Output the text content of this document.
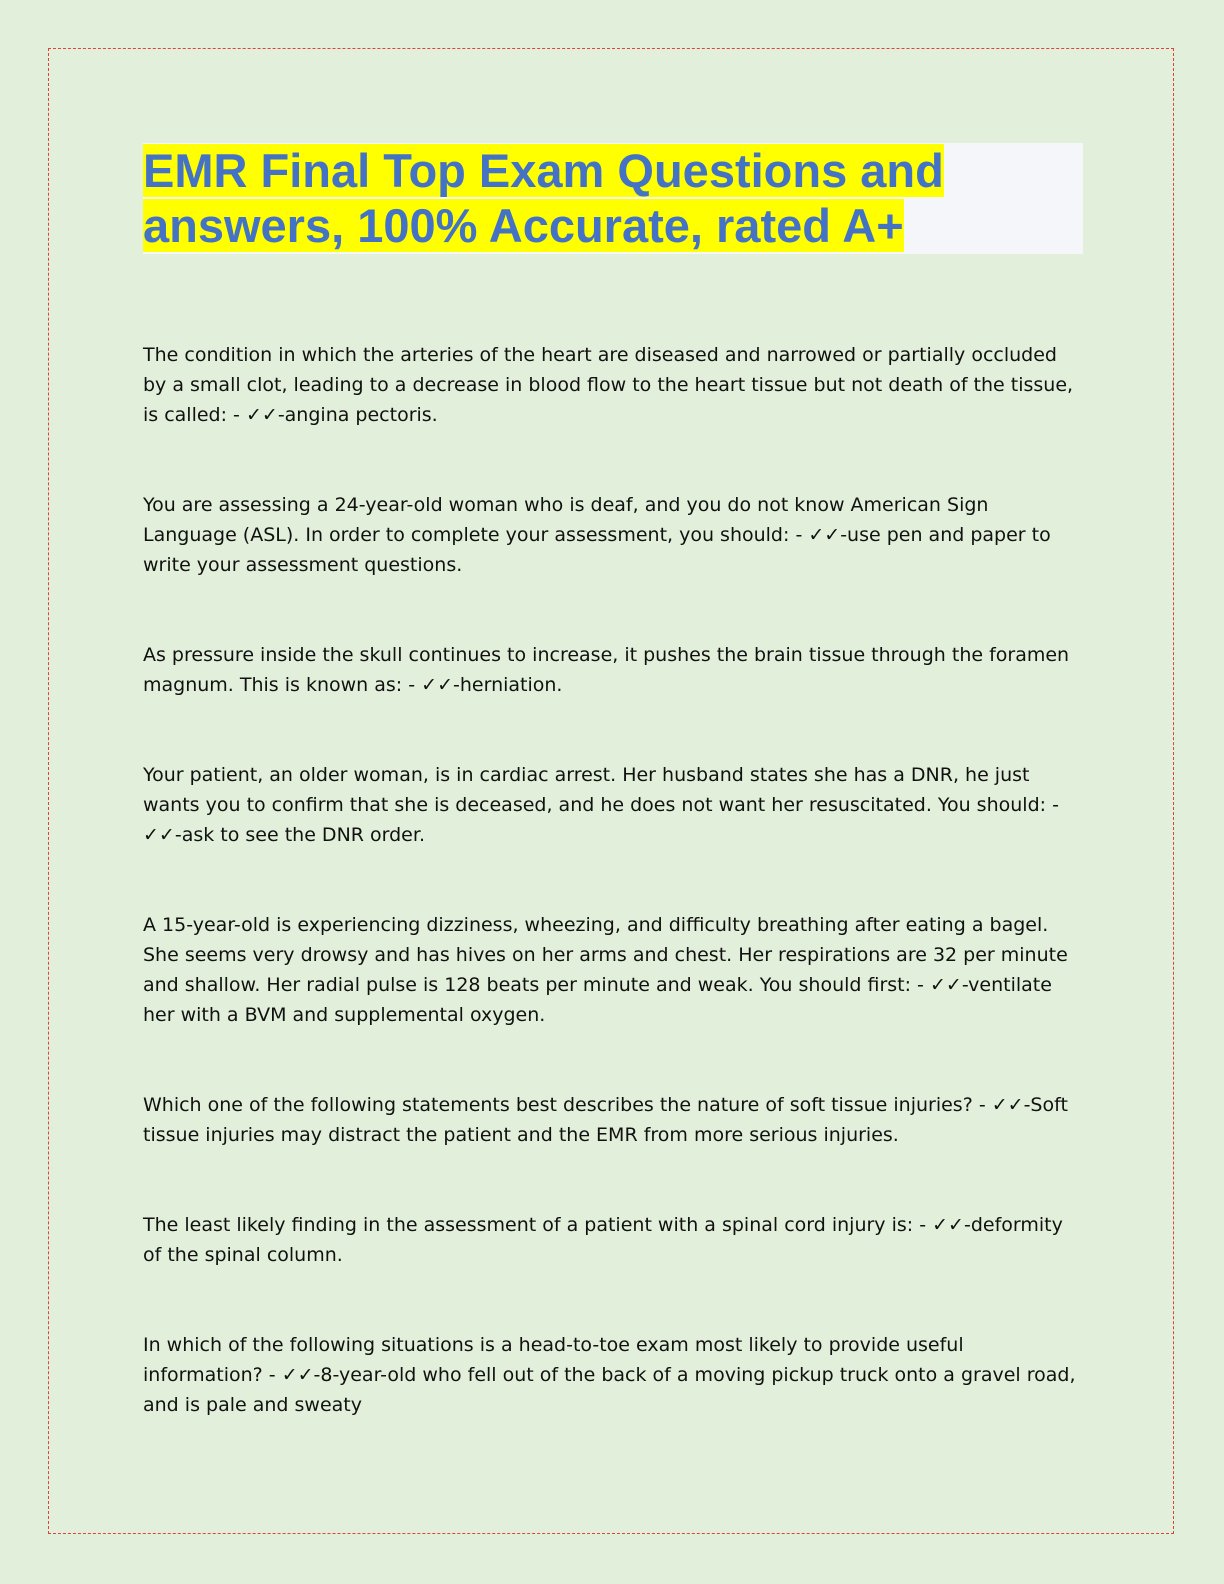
EMR Final Top Exam Questions and answers, 100% Accurate, rated A+

The condition in which the arteries of the heart are diseased and narrowed or partially occluded by a small clot, leading to a decrease in blood flow to the heart tissue but not death of the tissue, is called: - ✓✓-angina pectoris.

You are assessing a 24-year-old woman who is deaf, and you do not know American Sign Language (ASL). In order to complete your assessment, you should: - ✓✓-use pen and paper to write your assessment questions.

As pressure inside the skull continues to increase, it pushes the brain tissue through the foramen magnum. This is known as: - ✓✓-herniation.

Your patient, an older woman, is in cardiac arrest. Her husband states she has a DNR, he just wants you to confirm that she is deceased, and he does not want her resuscitated. You should: - ✓✓-ask to see the DNR order.

A 15-year-old is experiencing dizziness, wheezing, and difficulty breathing after eating a bagel. She seems very drowsy and has hives on her arms and chest. Her respirations are 32 per minute and shallow. Her radial pulse is 128 beats per minute and weak. You should first: - ✓✓-ventilate her with a BVM and supplemental oxygen.

Which one of the following statements best describes the nature of soft tissue injuries? - ✓✓-Soft tissue injuries may distract the patient and the EMR from more serious injuries.

The least likely finding in the assessment of a patient with a spinal cord injury is: - ✓✓-deformity of the spinal column.

In which of the following situations is a head-to-toe exam most likely to provide useful information? - ✓✓-8-year-old who fell out of the back of a moving pickup truck onto a gravel road, and is pale and sweaty
